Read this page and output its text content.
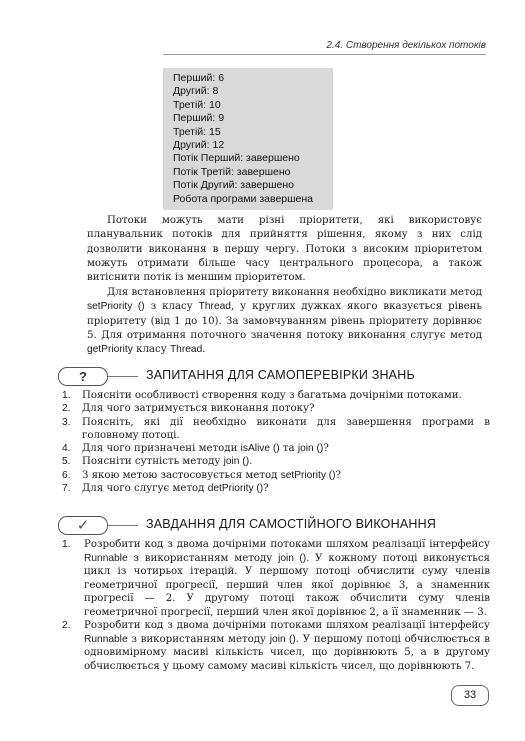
2.4. Створення декількох потоків
Перший: 6
Другий: 8
Третій: 10
Перший: 9
Третій: 15
Другий: 12
Потік Перший: завершено
Потік Третій: завершено
Потік Другий: завершено
Робота програми завершена

Потоки можуть мати різні пріоритети, які використовує планувальник потоків для прийняття рішення, якому з них слід дозволити виконання в першу чергу. Потоки з високим пріоритетом можуть отримати більше часу центрального процесора, а також витіснити потік із меншим пріоритетом.

Для встановлення пріоритету виконання необхідно викликати метод setPriority () з класу Thread, у круглих дужках якого вказується рівень пріоритету (від 1 до 10). За замовчуванням рівень пріоритету дорівнює 5. Для отримання поточного значення потоку виконання слугує метод getPriority класу Thread.

?	ЗАПИТАННЯ ДЛЯ САМОПЕРЕВІРКИ ЗНАНЬ
1. Поясніти особливості створення коду з багатьма дочірніми потоками.
2. Для чого затримується виконання потоку?
3. Поясніть, які дії необхідно виконати для завершення програми в головному потоці.
4. Для чого призначені методи isAlive () та join ()?
5. Поясніти сутність методу join ().
6. З якою метою застосовується метод setPriority ()?
7. Для чого слугує метод detPriority ()?
✓	ЗАВДАННЯ ДЛЯ САМОСТІЙНОГО ВИКОНАННЯ
1. Розробити код з двома дочірніми потоками шляхом реалізації інтерфейсу Runnable з використанням методу join (). У кожному потоці виконується цикл із чотирьох ітерацій. У першому потоці обчислити суму членів геометричної прогресії, перший член якої дорівнює 3, а знаменник прогресії — 2. У другому потоці також обчислити суму членів геометричної прогресії, перший член якої дорівнює 2, а її знаменник — 3.
2. Розробити код з двома дочірніми потоками шляхом реалізації інтерфейсу Runnable з використанням методу join (). У першому потоці обчислюється в одновимірному масиві кількість чисел, що дорівнюють 5, а в другому обчислюється у цьому самому масиві кількість чисел, що дорівнюють 7.
33
